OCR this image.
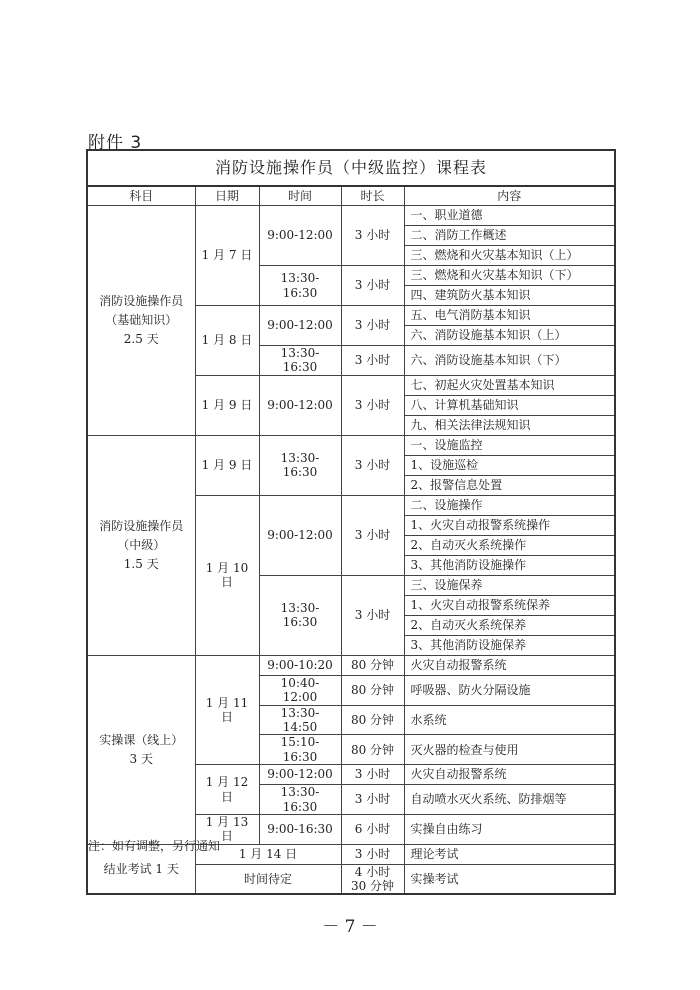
附件 3
消防设施操作员（中级监控）课程表				
科目	日期	时间	时长	内容

消防设施操作员
（基础知识）
2.5 天	1 月 7 日	9:00-12:00	3 小时	一、职业道德
				二、消防工作概述
				三、燃烧和火灾基本知识（上）
		13:30-16:30	3 小时	三、燃烧和火灾基本知识（下）
				四、建筑防火基本知识
	1 月 8 日	9:00-12:00	3 小时	五、电气消防基本知识
				六、消防设施基本知识（上）
		13:30-16:30	3 小时	六、消防设施基本知识（下）
	1 月 9 日	9:00-12:00	3 小时	七、初起火灾处置基本知识
				八、计算机基础知识
				九、相关法律法规知识

消防设施操作员
（中级）
1.5 天	1 月 9 日	13:30-16:30	3 小时	一、设施监控
				1、设施巡检
				2、报警信息处置
	1 月 10 日	9:00-12:00	3 小时	二、设施操作
				1、火灾自动报警系统操作
				2、自动灭火系统操作
				3、其他消防设施操作
		13:30-16:30	3 小时	三、设施保养
				1、火灾自动报警系统保养
				2、自动灭火系统保养
				3、其他消防设施保养

实操课（线上）
3 天	1 月 11 日	9:00-10:20	80 分钟	火灾自动报警系统
		10:40-12:00	80 分钟	呼吸器、防火分隔设施
		13:30-14:50	80 分钟	水系统
		15:10-16:30	80 分钟	灭火器的检查与使用
	1 月 12 日	9:00-12:00	3 小时	火灾自动报警系统
		13:30-16:30	3 小时	自动喷水灭火系统、防排烟等
	1 月 13 日	9:00-16:30	6 小时	实操自由练习
结业考试 1 天	1 月 14 日		3 小时	理论考试
	时间待定		4 小时 30 分钟	实操考试
注：如有调整，另行通知
－ 7 －
